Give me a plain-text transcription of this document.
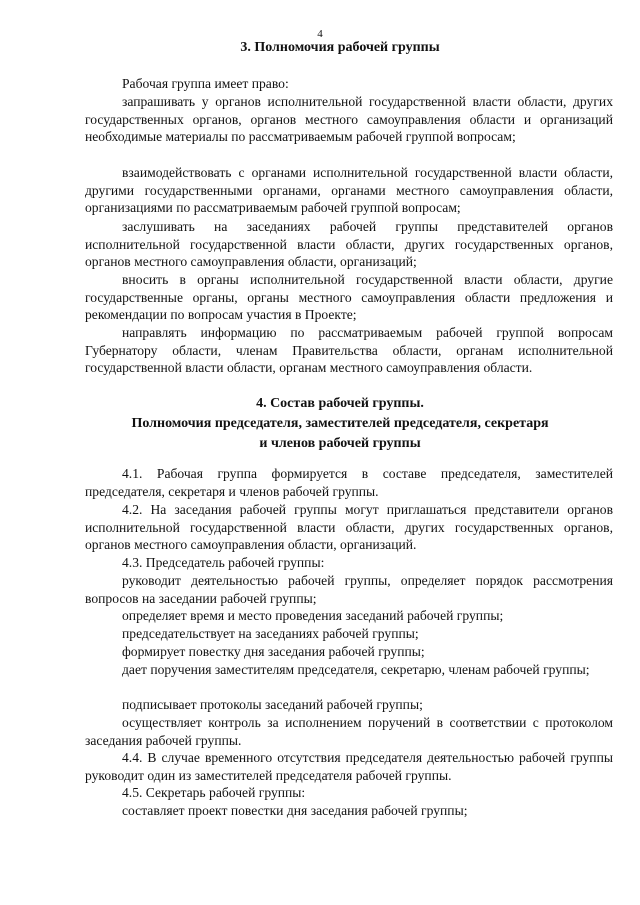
4
3. Полномочия рабочей группы

Рабочая группа имеет право:

запрашивать у органов исполнительной государственной власти области, других государственных органов, органов местного самоуправления области и организаций необходимые материалы по рассматриваемым рабочей группой вопросам;

взаимодействовать с органами исполнительной государственной власти области, другими государственными органами, органами местного самоуправления области, организациями по рассматриваемым рабочей группой вопросам;

заслушивать на заседаниях рабочей группы представителей органов исполнительной государственной власти области, других государственных органов, органов местного самоуправления области, организаций;

вносить в органы исполнительной государственной власти области, другие государственные органы, органы местного самоуправления области предложения и рекомендации по вопросам участия в Проекте;

направлять информацию по рассматриваемым рабочей группой вопросам Губернатору области, членам Правительства области, органам исполнительной государственной власти области, органам местного самоуправления области.

4. Состав рабочей группы.
Полномочия председателя, заместителей председателя, секретаря
и членов рабочей группы

4.1. Рабочая группа формируется в составе председателя, заместителей председателя, секретаря и членов рабочей группы.

4.2. На заседания рабочей группы могут приглашаться представители органов исполнительной государственной власти области, других государственных органов, органов местного самоуправления области, организаций.

4.3. Председатель рабочей группы:

руководит деятельностью рабочей группы, определяет порядок рассмотрения вопросов на заседании рабочей группы;

определяет время и место проведения заседаний рабочей группы;

председательствует на заседаниях рабочей группы;

формирует повестку дня заседания рабочей группы;

дает поручения заместителям председателя, секретарю, членам рабочей группы;

подписывает протоколы заседаний рабочей группы;

осуществляет контроль за исполнением поручений в соответствии с протоколом заседания рабочей группы.

4.4. В случае временного отсутствия председателя деятельностью рабочей группы руководит один из заместителей председателя рабочей группы.

4.5. Секретарь рабочей группы:

составляет проект повестки дня заседания рабочей группы;
